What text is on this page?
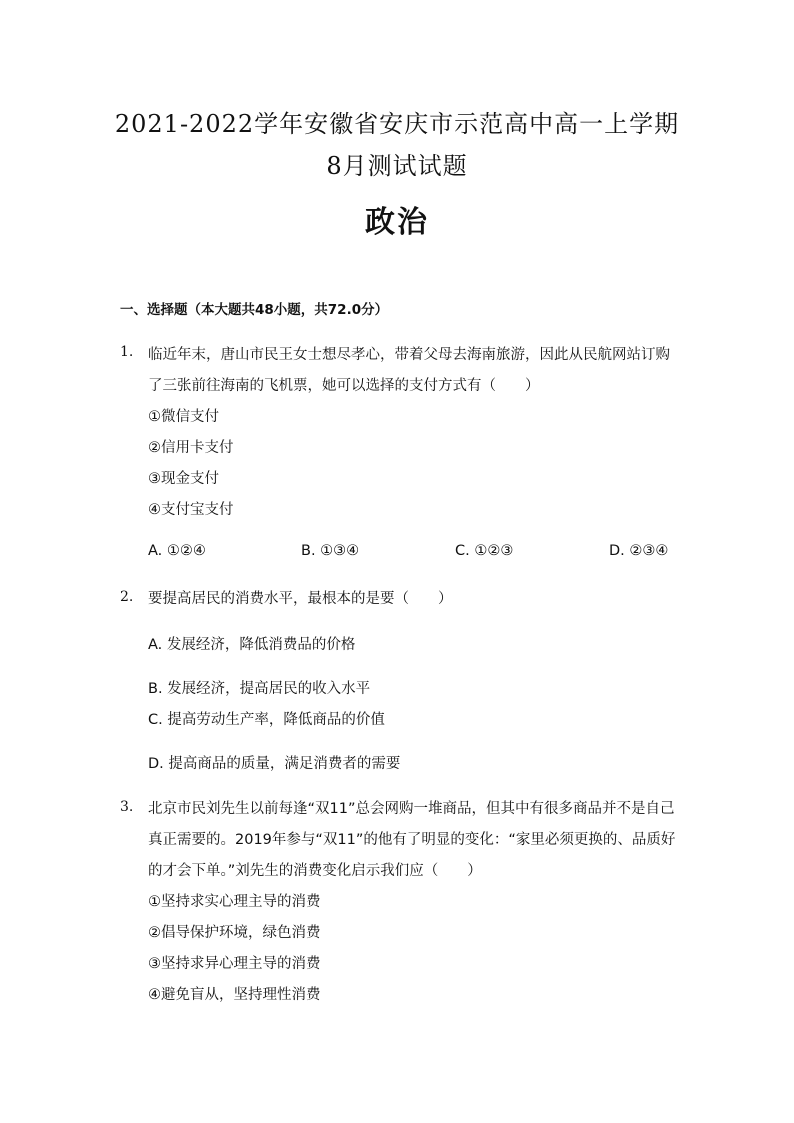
2021-2022学年安徽省安庆市示范高中高一上学期
8月测试试题
政治
一、选择题（本大题共48小题，共72.0分）
1. 临近年末，唐山市民王女士想尽孝心，带着父母去海南旅游，因此从民航网站订购
了三张前往海南的飞机票，她可以选择的支付方式有（　　）
①微信支付
②信用卡支付
③现金支付
④支付宝支付
A. ①②④	B. ①③④	C. ①②③	D. ②③④
2. 要提高居民的消费水平，最根本的是要（　　）
A. 发展经济，降低消费品的价格
B. 发展经济，提高居民的收入水平
C. 提高劳动生产率，降低商品的价值
D. 提高商品的质量，满足消费者的需要
3. 北京市民刘先生以前每逢“双11”总会网购一堆商品，但其中有很多商品并不是自己
真正需要的。2019年参与“双11”的他有了明显的变化：“家里必须更换的、品质好
的才会下单。”刘先生的消费变化启示我们应（　　）
①坚持求实心理主导的消费
②倡导保护环境，绿色消费
③坚持求异心理主导的消费
④避免盲从，坚持理性消费
